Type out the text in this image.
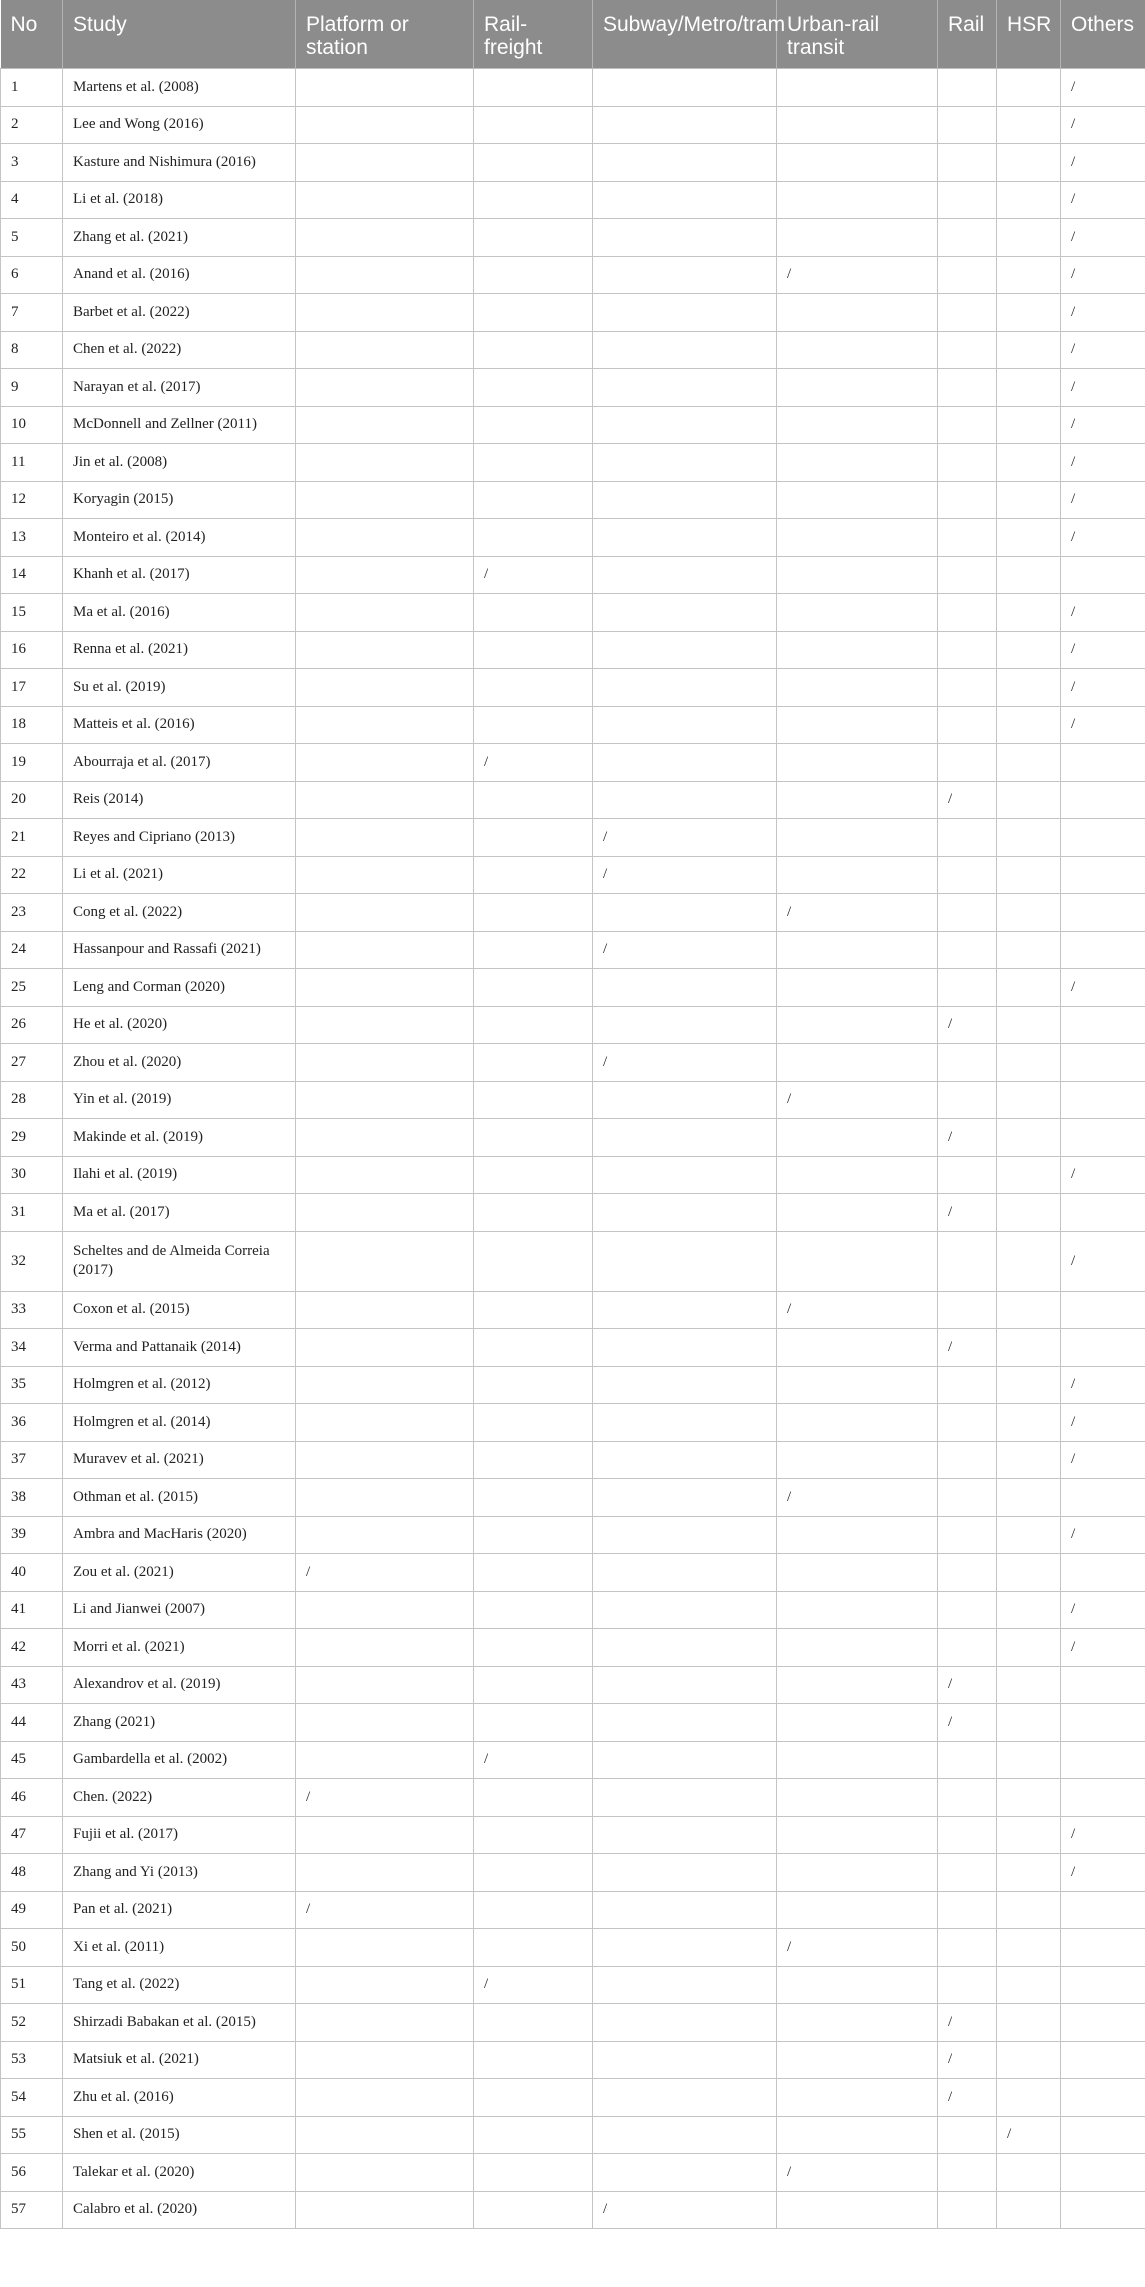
No	Study	Platform or station	Rail-freight	Subway/Metro/tram	Urban-rail transit	Rail	HSR	Others
1	Martens et al. (2008)							/
2	Lee and Wong (2016)							/
3	Kasture and Nishimura (2016)							/
4	Li et al. (2018)							/
5	Zhang et al. (2021)							/
6	Anand et al. (2016)				/			/
7	Barbet et al. (2022)							/
8	Chen et al. (2022)							/
9	Narayan et al. (2017)							/
10	McDonnell and Zellner (2011)							/
11	Jin et al. (2008)							/
12	Koryagin (2015)							/
13	Monteiro et al. (2014)							/
14	Khanh et al. (2017)		/					
15	Ma et al. (2016)							/
16	Renna et al. (2021)							/
17	Su et al. (2019)							/
18	Matteis et al. (2016)							/
19	Abourraja et al. (2017)		/					
20	Reis (2014)					/		
21	Reyes and Cipriano (2013)			/				
22	Li et al. (2021)			/				
23	Cong et al. (2022)				/			
24	Hassanpour and Rassafi (2021)			/				
25	Leng and Corman (2020)							/
26	He et al. (2020)					/		
27	Zhou et al. (2020)			/				
28	Yin et al. (2019)				/			
29	Makinde et al. (2019)					/		
30	Ilahi et al. (2019)							/
31	Ma et al. (2017)					/		
32	Scheltes and de Almeida Correia (2017)							/
33	Coxon et al. (2015)				/			
34	Verma and Pattanaik (2014)					/		
35	Holmgren et al. (2012)							/
36	Holmgren et al. (2014)							/
37	Muravev et al. (2021)							/
38	Othman et al. (2015)				/			
39	Ambra and MacHaris (2020)							/
40	Zou et al. (2021)	/						
41	Li and Jianwei (2007)							/
42	Morri et al. (2021)							/
43	Alexandrov et al. (2019)					/		
44	Zhang (2021)					/		
45	Gambardella et al. (2002)		/					
46	Chen. (2022)	/						
47	Fujii et al. (2017)							/
48	Zhang and Yi (2013)							/
49	Pan et al. (2021)	/						
50	Xi et al. (2011)				/			
51	Tang et al. (2022)		/					
52	Shirzadi Babakan et al. (2015)					/		
53	Matsiuk et al. (2021)					/		
54	Zhu et al. (2016)					/		
55	Shen et al. (2015)						/	
56	Talekar et al. (2020)				/			
57	Calabro et al. (2020)			/				
